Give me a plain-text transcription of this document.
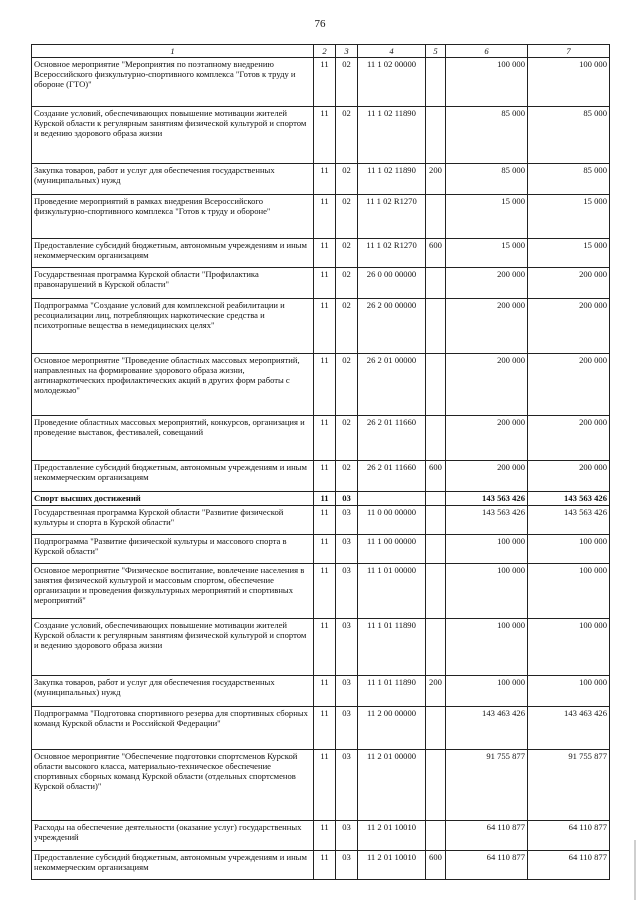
76
1	2	3	4	5	6	7
Основное мероприятие "Мероприятия по поэтапному внедрению Всероссийского физкультурно-спортивного комплекса "Готов к труду и обороне (ГТО)"	11	02	11 1 02 00000		100 000	100 000
Создание условий, обеспечивающих повышение мотивации жителей Курской области к регулярным занятиям физической культурой и спортом и ведению здорового образа жизни	11	02	11 1 02 11890		85 000	85 000
Закупка товаров, работ и услуг для обеспечения государственных (муниципальных) нужд	11	02	11 1 02 11890	200	85 000	85 000
Проведение мероприятий в рамках внедрения Всероссийского физкультурно-спортивного комплекса "Готов к труду и обороне"	11	02	11 1 02 R1270		15 000	15 000
Предоставление субсидий бюджетным, автономным учреждениям и иным некоммерческим организациям	11	02	11 1 02 R1270	600	15 000	15 000
Государственная программа Курской области "Профилактика правонарушений в Курской области"	11	02	26 0 00 00000		200 000	200 000
Подпрограмма "Создание условий для комплексной реабилитации и ресоциализации лиц, потребляющих наркотические средства и психотропные вещества в немедицинских целях"	11	02	26 2 00 00000		200 000	200 000
Основное мероприятие "Проведение областных массовых мероприятий, направленных на формирование здорового образа жизни, антинаркотических профилактических акций в других форм работы с молодежью"	11	02	26 2 01 00000		200 000	200 000
Проведение областных массовых мероприятий, конкурсов, организация и проведение выставок, фестивалей, совещаний	11	02	26 2 01 11660		200 000	200 000
Предоставление субсидий бюджетным, автономным учреждениям и иным некоммерческим организациям	11	02	26 2 01 11660	600	200 000	200 000
Спорт высших достижений	11	03			143 563 426	143 563 426
Государственная программа Курской области "Развитие физической культуры и спорта в Курской области"	11	03	11 0 00 00000		143 563 426	143 563 426
Подпрограмма "Развитие физической культуры и массового спорта в Курской области"	11	03	11 1 00 00000		100 000	100 000
Основное мероприятие "Физическое воспитание, вовлечение населения в занятия физической культурой и массовым спортом, обеспечение организации и проведения физкультурных мероприятий и спортивных мероприятий"	11	03	11 1 01 00000		100 000	100 000
Создание условий, обеспечивающих повышение мотивации жителей Курской области к регулярным занятиям физической культурой и спортом и ведению здорового образа жизни	11	03	11 1 01 11890		100 000	100 000
Закупка товаров, работ и услуг для обеспечения государственных (муниципальных) нужд	11	03	11 1 01 11890	200	100 000	100 000
Подпрограмма "Подготовка спортивного резерва для спортивных сборных команд Курской области и Российской Федерации"	11	03	11 2 00 00000		143 463 426	143 463 426
Основное мероприятие "Обеспечение подготовки спортсменов Курской области высокого класса, материально-техническое обеспечение спортивных сборных команд Курской области (отдельных спортсменов Курской области)"	11	03	11 2 01 00000		91 755 877	91 755 877
Расходы на обеспечение деятельности (оказание услуг) государственных учреждений	11	03	11 2 01 10010		64 110 877	64 110 877
Предоставление субсидий бюджетным, автономным учреждениям и иным некоммерческим организациям	11	03	11 2 01 10010	600	64 110 877	64 110 877
